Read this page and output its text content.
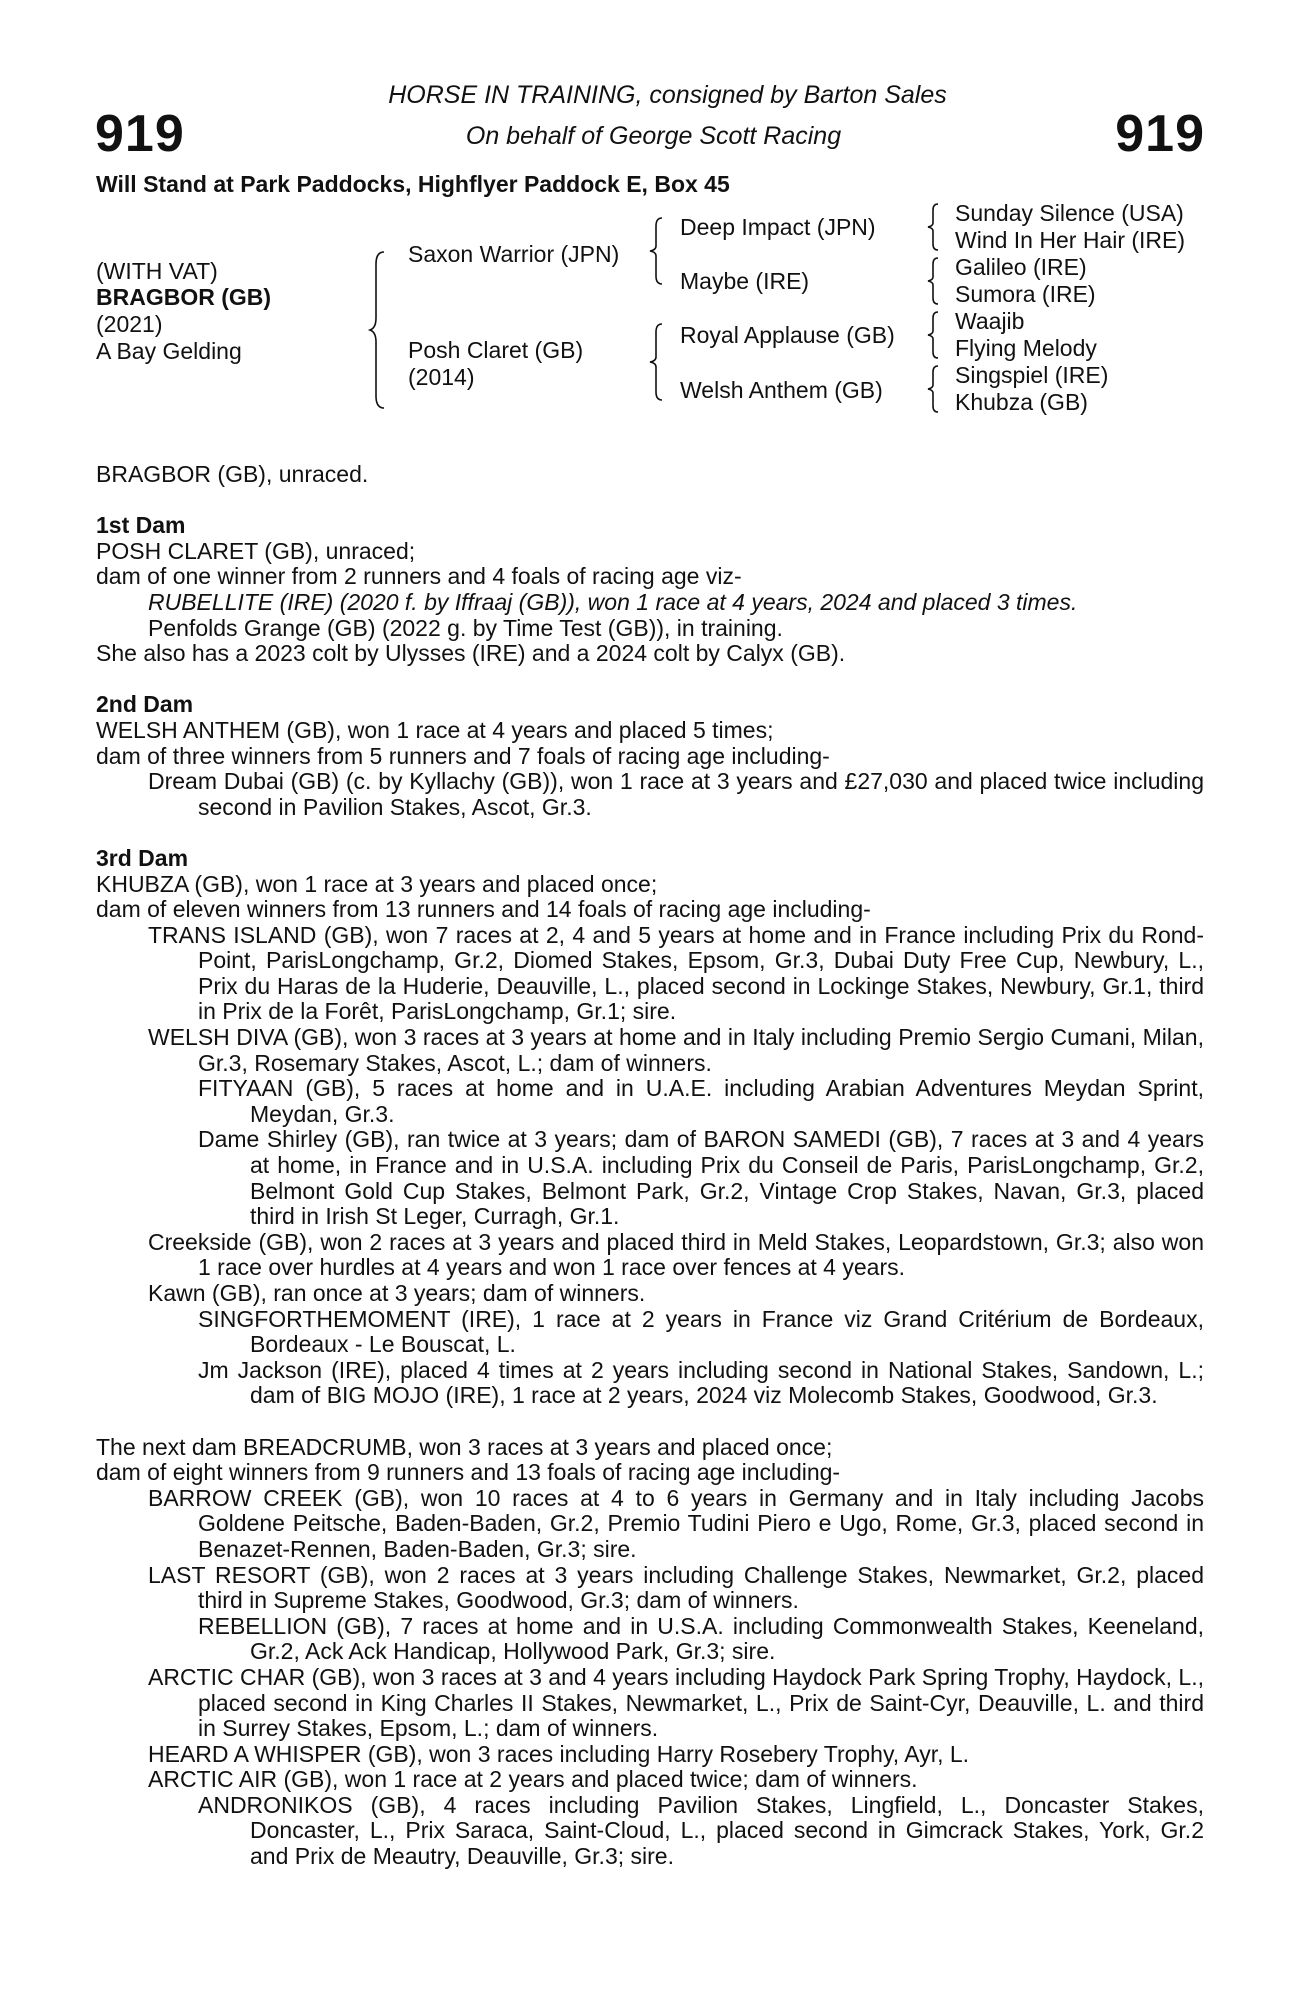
919	919
HORSE IN TRAINING, consigned by Barton Sales
On behalf of George Scott Racing
Will Stand at Park Paddocks, Highflyer Paddock E, Box 45
(WITH VAT)
BRAGBOR (GB)
(2021)
A Bay Gelding
Saxon Warrior (JPN)
Posh Claret (GB)
(2014)
Deep Impact (JPN)
Maybe (IRE)
Royal Applause (GB)
Welsh Anthem (GB)
Sunday Silence (USA)
Wind In Her Hair (IRE)
Galileo (IRE)
Sumora (IRE)
Waajib
Flying Melody
Singspiel (IRE)
Khubza (GB)

BRAGBOR (GB), unraced.

1st Dam

POSH CLARET (GB), unraced;

dam of one winner from 2 runners and 4 foals of racing age viz-

RUBELLITE (IRE) (2020 f. by Iffraaj (GB)), won 1 race at 4 years, 2024 and placed 3 times.

Penfolds Grange (GB) (2022 g. by Time Test (GB)), in training.

She also has a 2023 colt by Ulysses (IRE) and a 2024 colt by Calyx (GB).

2nd Dam

WELSH ANTHEM (GB), won 1 race at 4 years and placed 5 times;

dam of three winners from 5 runners and 7 foals of racing age including-

Dream Dubai (GB) (c. by Kyllachy (GB)), won 1 race at 3 years and £27,030 and placed twice including second in Pavilion Stakes, Ascot, Gr.3.

3rd Dam

KHUBZA (GB), won 1 race at 3 years and placed once;

dam of eleven winners from 13 runners and 14 foals of racing age including-

TRANS ISLAND (GB), won 7 races at 2, 4 and 5 years at home and in France including Prix du Rond-Point, ParisLongchamp, Gr.2, Diomed Stakes, Epsom, Gr.3, Dubai Duty Free Cup, Newbury, L., Prix du Haras de la Huderie, Deauville, L., placed second in Lockinge Stakes, Newbury, Gr.1, third in Prix de la Forêt, ParisLongchamp, Gr.1; sire.

WELSH DIVA (GB), won 3 races at 3 years at home and in Italy including Premio Sergio Cumani, Milan, Gr.3, Rosemary Stakes, Ascot, L.; dam of winners.

FITYAAN (GB), 5 races at home and in U.A.E. including Arabian Adventures Meydan Sprint, Meydan, Gr.3.

Dame Shirley (GB), ran twice at 3 years; dam of BARON SAMEDI (GB), 7 races at 3 and 4 years at home, in France and in U.S.A. including Prix du Conseil de Paris, ParisLongchamp, Gr.2, Belmont Gold Cup Stakes, Belmont Park, Gr.2, Vintage Crop Stakes, Navan, Gr.3, placed third in Irish St Leger, Curragh, Gr.1.

Creekside (GB), won 2 races at 3 years and placed third in Meld Stakes, Leopardstown, Gr.3; also won 1 race over hurdles at 4 years and won 1 race over fences at 4 years.

Kawn (GB), ran once at 3 years; dam of winners.

SINGFORTHEMOMENT (IRE), 1 race at 2 years in France viz Grand Critérium de Bordeaux, Bordeaux - Le Bouscat, L.

Jm Jackson (IRE), placed 4 times at 2 years including second in National Stakes, Sandown, L.; dam of BIG MOJO (IRE), 1 race at 2 years, 2024 viz Molecomb Stakes, Goodwood, Gr.3.

The next dam BREADCRUMB, won 3 races at 3 years and placed once;

dam of eight winners from 9 runners and 13 foals of racing age including-

BARROW CREEK (GB), won 10 races at 4 to 6 years in Germany and in Italy including Jacobs Goldene Peitsche, Baden-Baden, Gr.2, Premio Tudini Piero e Ugo, Rome, Gr.3, placed second in Benazet-Rennen, Baden-Baden, Gr.3; sire.

LAST RESORT (GB), won 2 races at 3 years including Challenge Stakes, Newmarket, Gr.2, placed third in Supreme Stakes, Goodwood, Gr.3; dam of winners.

REBELLION (GB), 7 races at home and in U.S.A. including Commonwealth Stakes, Keeneland, Gr.2, Ack Ack Handicap, Hollywood Park, Gr.3; sire.

ARCTIC CHAR (GB), won 3 races at 3 and 4 years including Haydock Park Spring Trophy, Haydock, L., placed second in King Charles II Stakes, Newmarket, L., Prix de Saint-Cyr, Deauville, L. and third in Surrey Stakes, Epsom, L.; dam of winners.

HEARD A WHISPER (GB), won 3 races including Harry Rosebery Trophy, Ayr, L.

ARCTIC AIR (GB), won 1 race at 2 years and placed twice; dam of winners.

ANDRONIKOS (GB), 4 races including Pavilion Stakes, Lingfield, L., Doncaster Stakes, Doncaster, L., Prix Saraca, Saint-Cloud, L., placed second in Gimcrack Stakes, York, Gr.2 and Prix de Meautry, Deauville, Gr.3; sire.
